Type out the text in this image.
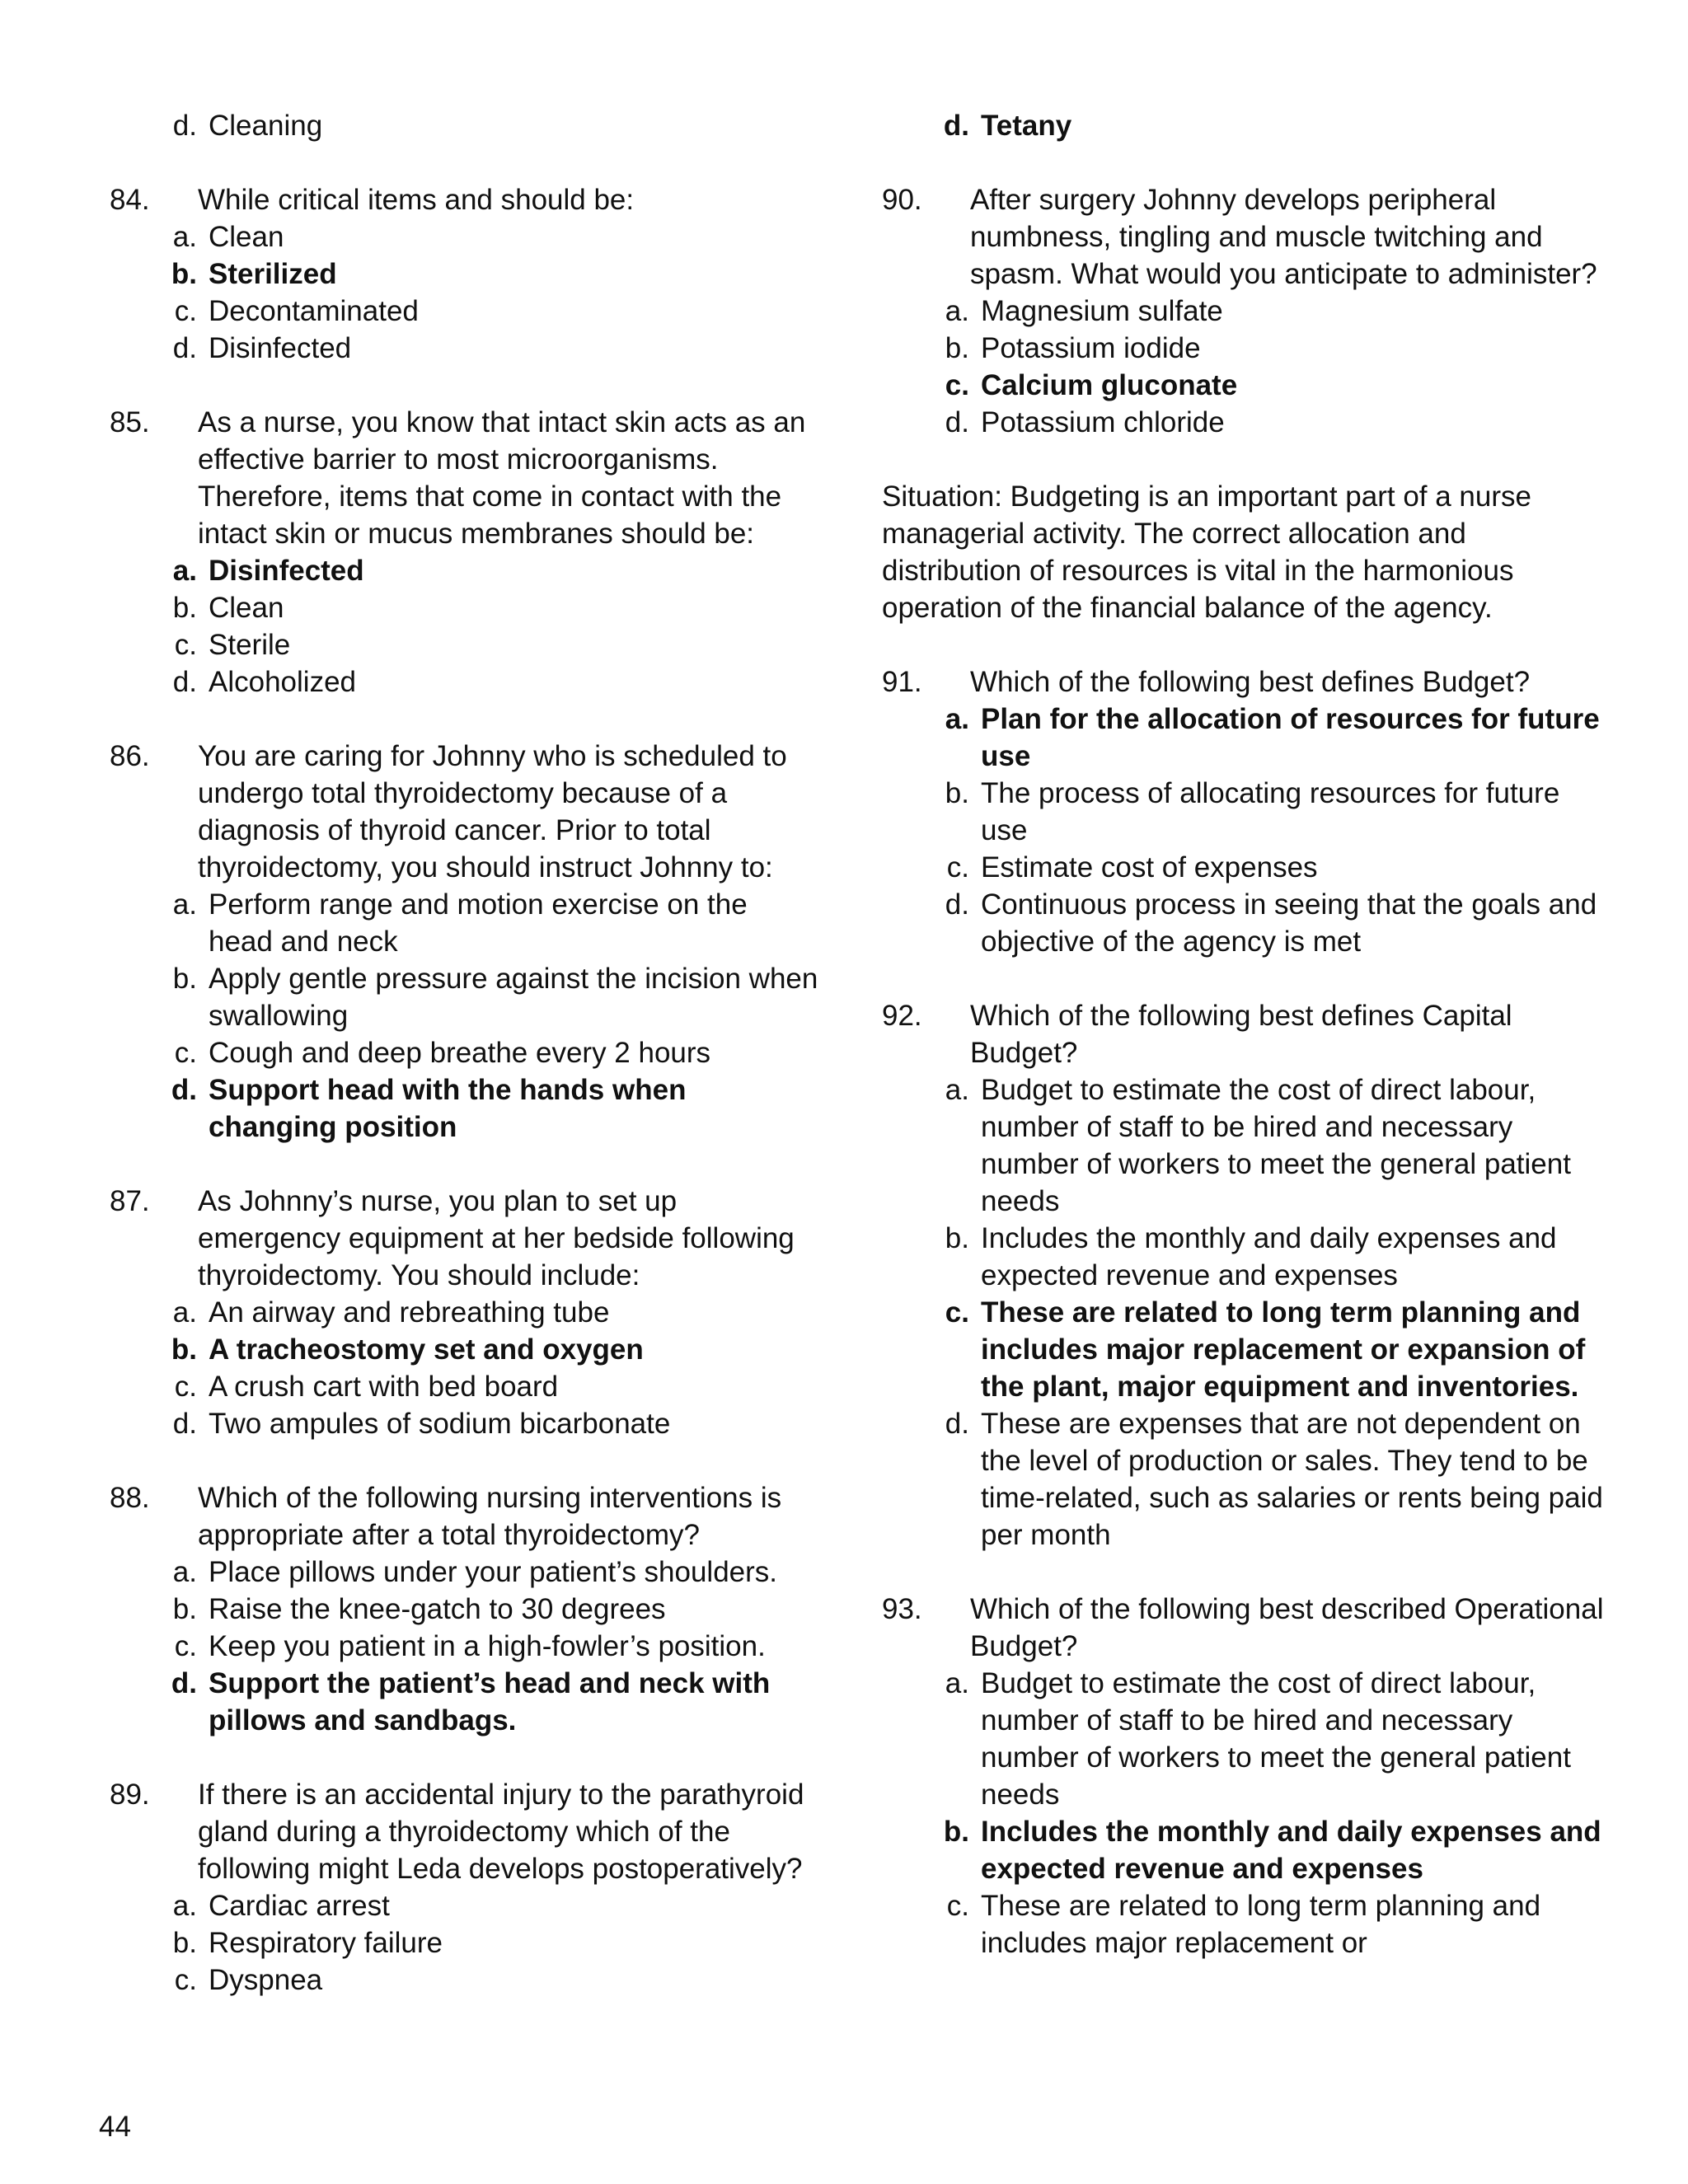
d. Cleaning
84.	While critical items and should be:
a. Clean
b. Sterilized
c. Decontaminated
d. Disinfected
85.	As a nurse, you know that intact skin acts as an effective barrier to most microorganisms. Therefore, items that come in contact with the intact skin or mucus membranes should be:
a. Disinfected
b. Clean
c. Sterile
d. Alcoholized
86.	You are caring for Johnny who is scheduled to undergo total thyroidectomy because of a diagnosis of thyroid cancer. Prior to total thyroidectomy, you should instruct Johnny to:
a. Perform range and motion exercise on the head and neck
b. Apply gentle pressure against the incision when swallowing
c. Cough and deep breathe every 2 hours
d. Support head with the hands when changing position
87.	As Johnny’s nurse, you plan to set up emergency equipment at her bedside following thyroidectomy. You should include:
a. An airway and rebreathing tube
b. A tracheostomy set and oxygen
c. A crush cart with bed board
d. Two ampules of sodium bicarbonate
88.	Which of the following nursing interventions is appropriate after a total thyroidectomy?
a. Place pillows under your patient’s shoulders.
b. Raise the knee-gatch to 30 degrees
c. Keep you patient in a high-fowler’s position.
d. Support the patient’s head and neck with pillows and sandbags.
89.	If there is an accidental injury to the parathyroid gland during a thyroidectomy which of the following might Leda develops postoperatively?
a. Cardiac arrest
b. Respiratory failure
c. Dyspnea
d. Tetany
90.	After surgery Johnny develops peripheral numbness, tingling and muscle twitching and spasm. What would you anticipate to administer?
a. Magnesium sulfate
b. Potassium iodide
c. Calcium gluconate
d. Potassium chloride
Situation: Budgeting is an important part of a nurse managerial activity. The correct allocation and distribution of resources is vital in the harmonious operation of the financial balance of the agency.
91.	Which of the following best defines Budget?
a. Plan for the allocation of resources for future use
b. The process of allocating resources for future use
c. Estimate cost of expenses
d. Continuous process in seeing that the goals and objective of the agency is met
92.	Which of the following best defines Capital Budget?
a. Budget to estimate the cost of direct labour, number of staff to be hired and necessary number of workers to meet the general patient needs
b. Includes the monthly and daily expenses and expected revenue and expenses
c. These are related to long term planning and includes major replacement or expansion of the plant, major equipment and inventories.
d. These are expenses that are not dependent on the level of production or sales. They tend to be time-related, such as salaries or rents being paid per month
93.	Which of the following best described Operational Budget?
a. Budget to estimate the cost of direct labour, number of staff to be hired and necessary number of workers to meet the general patient needs
b. Includes the monthly and daily expenses and expected revenue and expenses
c. These are related to long term planning and includes major replacement or
44
